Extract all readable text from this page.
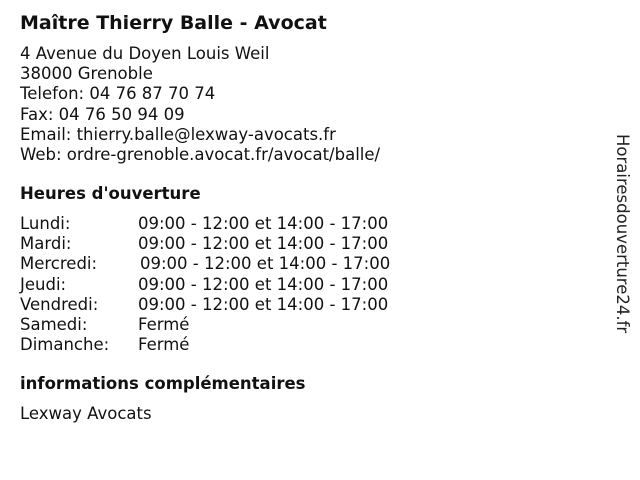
Maître Thierry Balle - Avocat
4 Avenue du Doyen Louis Weil
38000 Grenoble
Telefon: 04 76 87 70 74
Fax: 04 76 50 94 09
Email: thierry.balle@lexway-avocats.fr
Web: ordre-grenoble.avocat.fr/avocat/balle/
Heures d'ouverture
Lundi:	09:00 - 12:00 et 14:00 - 17:00
Mardi:	09:00 - 12:00 et 14:00 - 17:00
Mercredi:	09:00 - 12:00 et 14:00 - 17:00
Jeudi:	09:00 - 12:00 et 14:00 - 17:00
Vendredi: 09:00 - 12:00 et 14:00 - 17:00
Samedi:	Fermé
Dimanche: Fermé
informations complémentaires
Lexway Avocats
Horairesdouverture24.fr
